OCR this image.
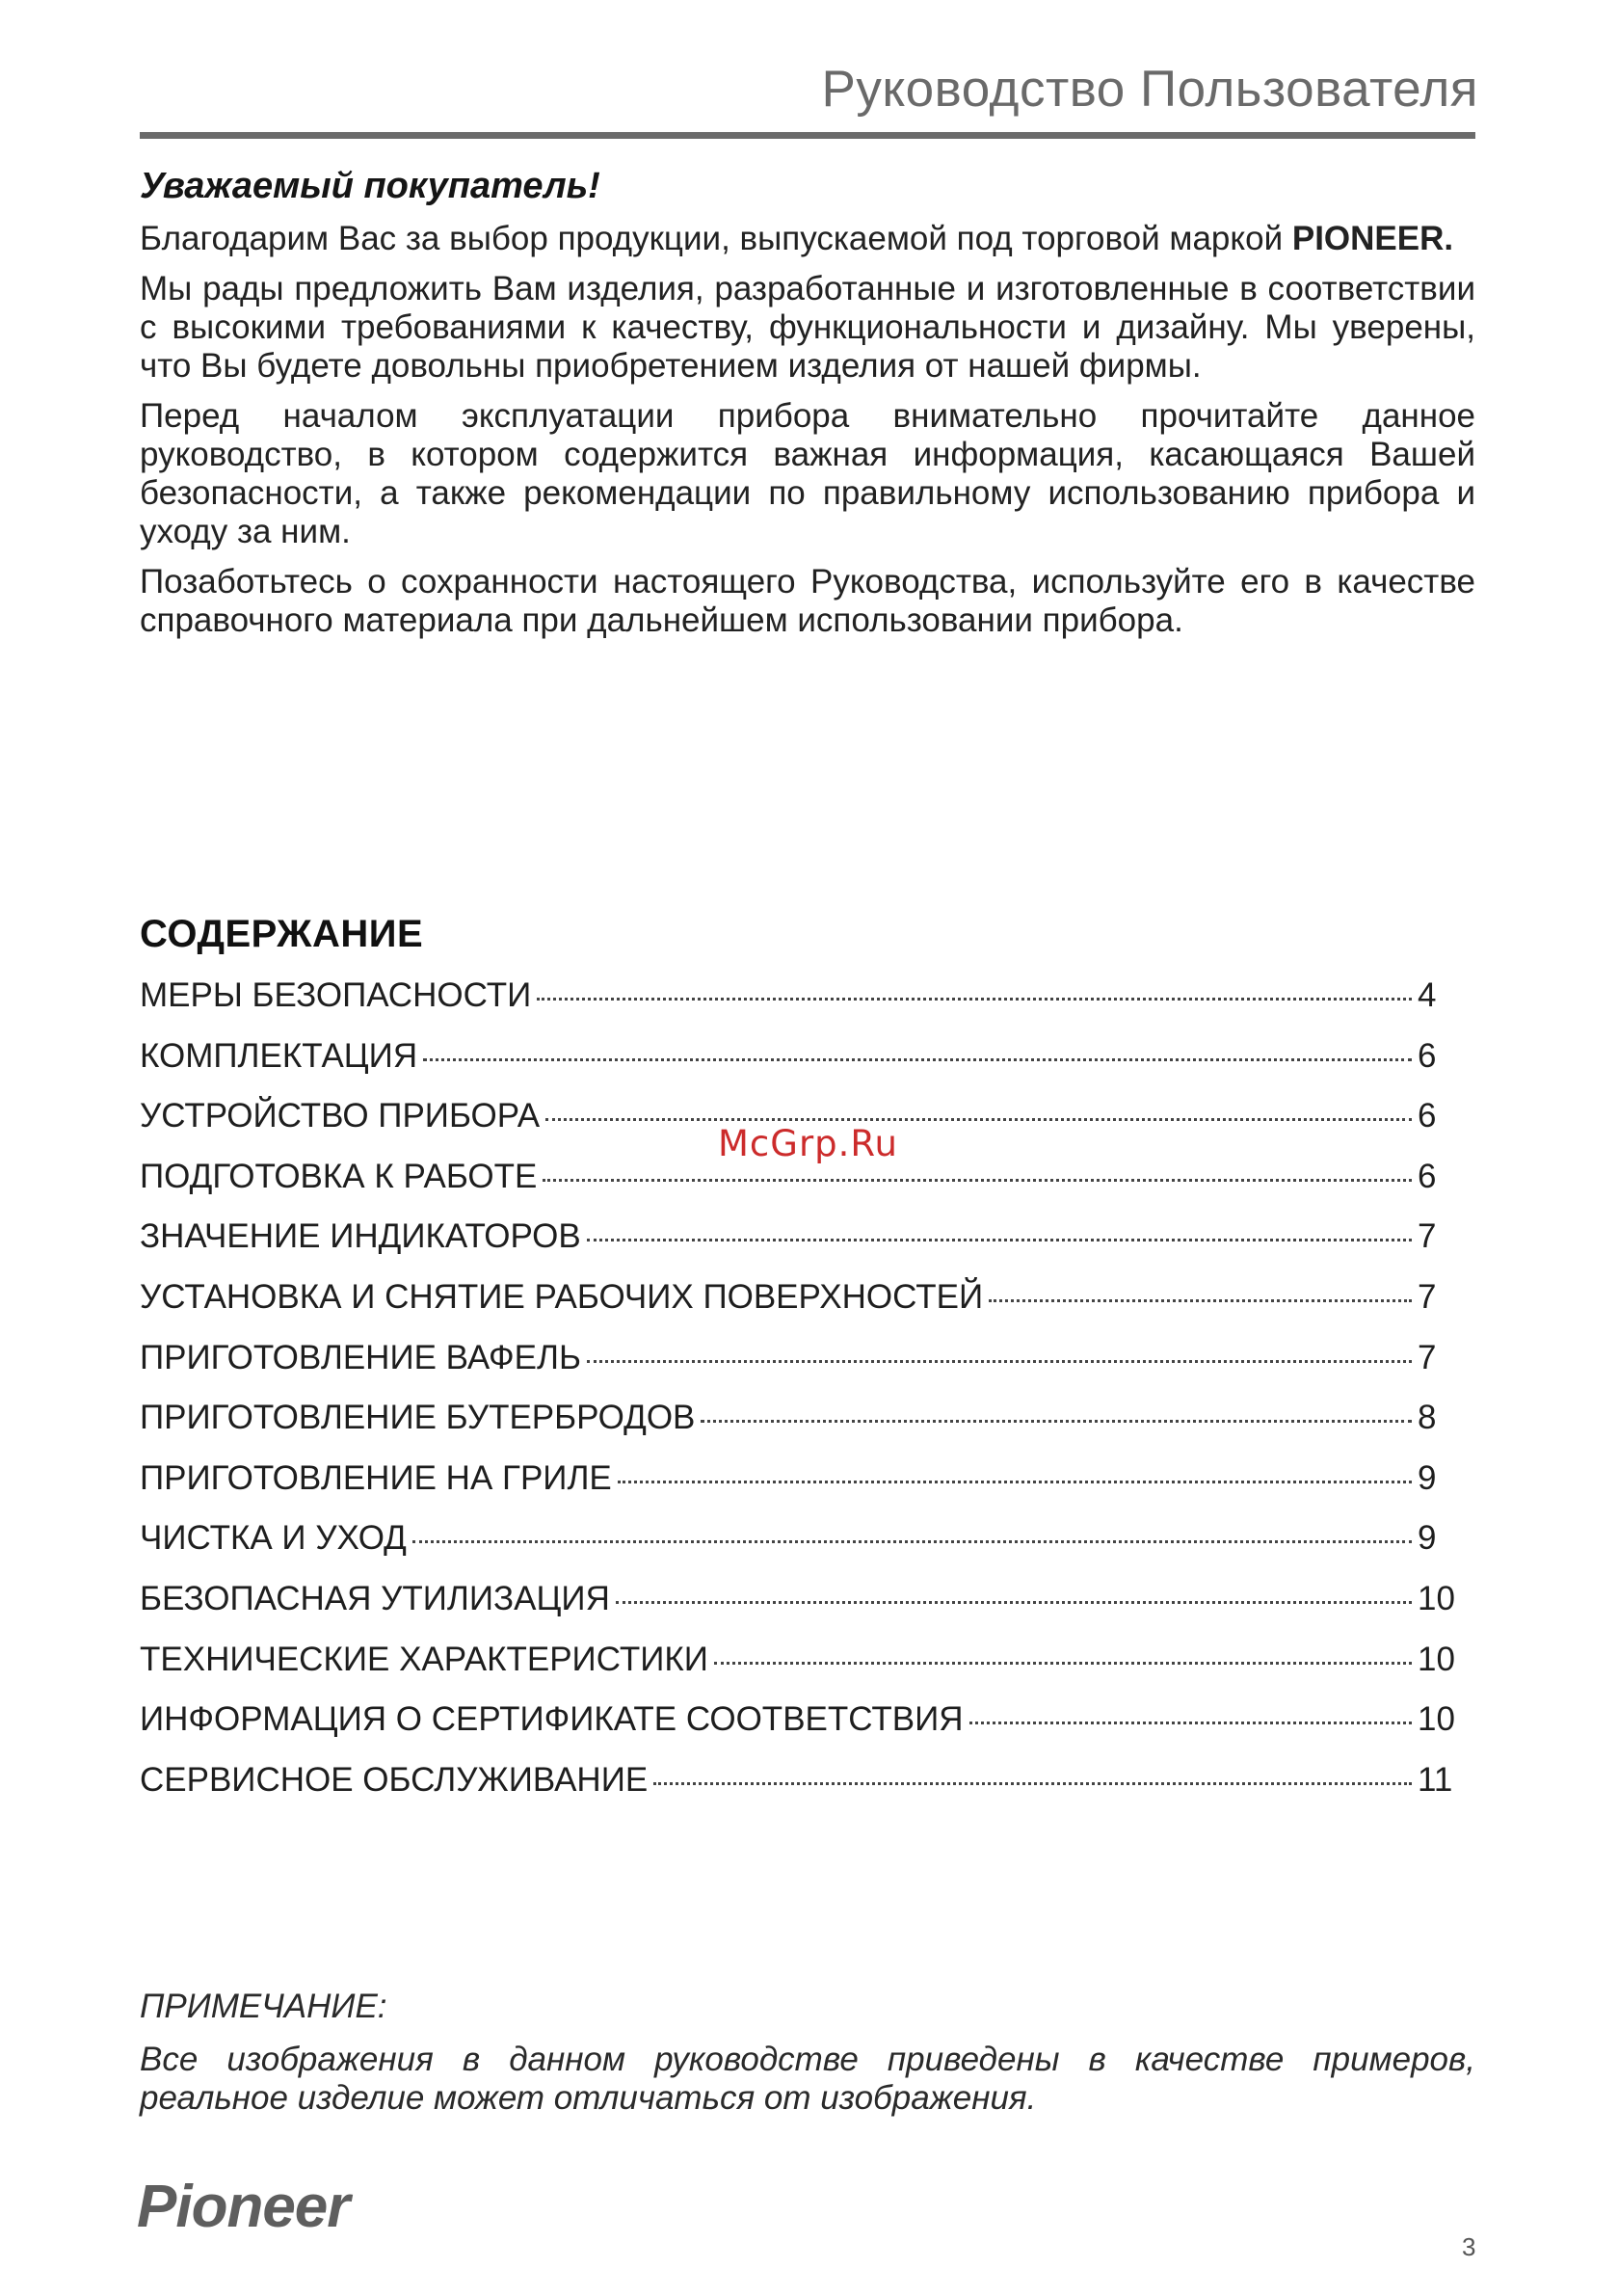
Руководство Пользователя
Уважаемый покупатель!

Благодарим Вас за выбор продукции, выпускаемой под торговой маркой PIONEER.

Мы рады предложить Вам изделия, разработанные и изготовленные в соответствии с высокими требованиями к качеству, функциональности и дизайну. Мы уверены, что Вы будете довольны приобретением изделия от нашей фирмы.

Перед началом эксплуатации прибора внимательно прочитайте данное руководство, в котором содержится важная информация, касающаяся Вашей безопасности, а также рекомендации по правильному использованию прибора и уходу за ним.

Позаботьтесь о сохранности настоящего Руководства, используйте его в качестве справочного материала при дальнейшем использовании прибора.

СОДЕРЖАНИЕ
МЕРЫ БЕЗОПАСНОСТИ	4
КОМПЛЕКТАЦИЯ	6
УСТРОЙСТВО ПРИБОРА	6
ПОДГОТОВКА К РАБОТЕ	6
ЗНАЧЕНИЕ ИНДИКАТОРОВ	7
УСТАНОВКА И СНЯТИЕ РАБОЧИХ ПОВЕРХНОСТЕЙ	7
ПРИГОТОВЛЕНИЕ ВАФЕЛЬ	7
ПРИГОТОВЛЕНИЕ БУТЕРБРОДОВ	8
ПРИГОТОВЛЕНИЕ НА ГРИЛЕ	9
ЧИСТКА И УХОД	9
БЕЗОПАСНАЯ УТИЛИЗАЦИЯ	10
ТЕХНИЧЕСКИЕ ХАРАКТЕРИСТИКИ	10
ИНФОРМАЦИЯ О СЕРТИФИКАТЕ СООТВЕТСТВИЯ	10
СЕРВИСНОЕ ОБСЛУЖИВАНИЕ	11
McGrp.Ru
ПРИМЕЧАНИЕ:
Все изображения в данном руководстве приведены в качестве примеров, реальное изделие может отличаться от изображения.
Pioneer
3
